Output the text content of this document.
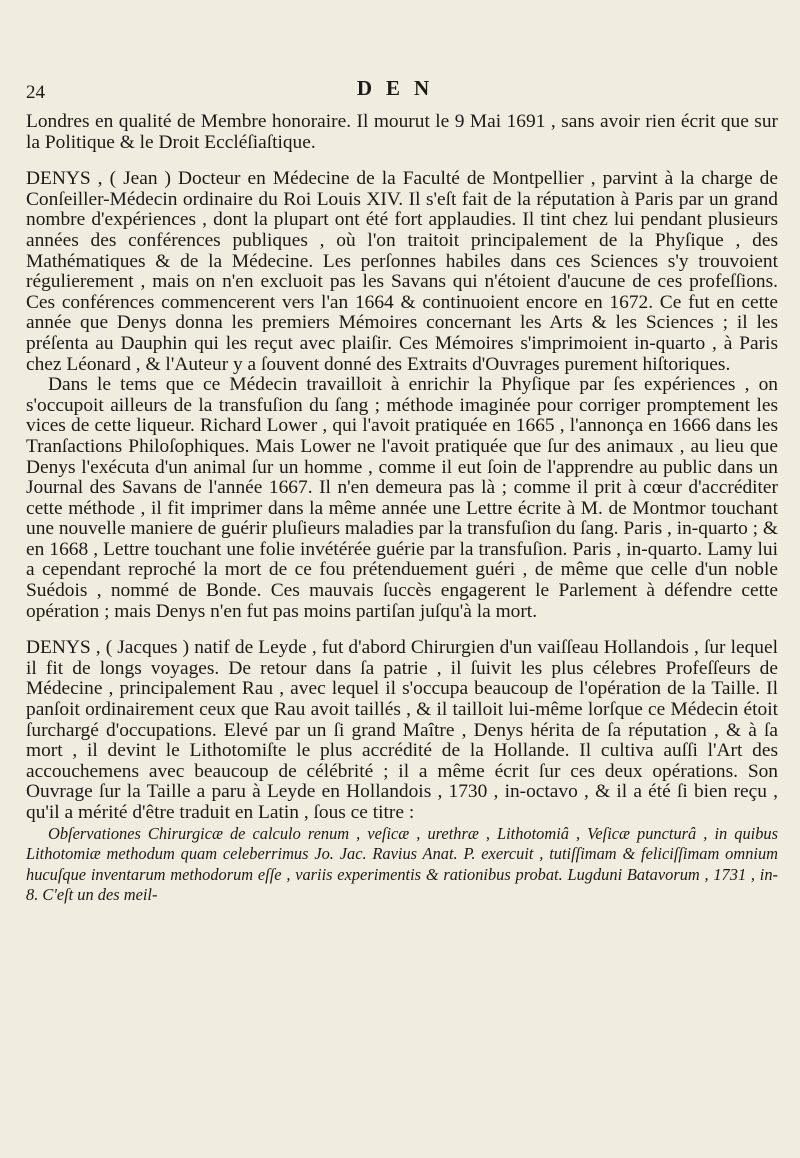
24	DEN

Londres en qualité de Membre honoraire. Il mourut le 9 Mai 1691 , sans avoir rien écrit que sur la Politique & le Droit Eccléſiaſtique.

DENYS , ( Jean ) Docteur en Médecine de la Faculté de Montpellier , parvint à la charge de Conſeiller-Médecin ordinaire du Roi Louis XIV. Il s'eſt fait de la réputation à Paris par un grand nombre d'expériences , dont la plupart ont été fort applaudies. Il tint chez lui pendant plusieurs années des conférences publiques , où l'on traitoit principalement de la Phyſique , des Mathématiques & de la Médecine. Les perſonnes habiles dans ces Sciences s'y trouvoient régulierement , mais on n'en excluoit pas les Savans qui n'étoient d'aucune de ces profeſſions. Ces conférences commencerent vers l'an 1664 & continuoient encore en 1672. Ce fut en cette année que Denys donna les premiers Mémoires concernant les Arts & les Sciences ; il les préſenta au Dauphin qui les reçut avec plaiſir. Ces Mémoires s'imprimoient in-quarto , à Paris chez Léonard , & l'Auteur y a ſouvent donné des Extraits d'Ouvrages purement hiſtoriques.

Dans le tems que ce Médecin travailloit à enrichir la Phyſique par ſes expériences , on s'occupoit ailleurs de la transfuſion du ſang ; méthode imaginée pour corriger promptement les vices de cette liqueur. Richard Lower , qui l'avoit pratiquée en 1665 , l'annonça en 1666 dans les Tranſactions Philoſophiques. Mais Lower ne l'avoit pratiquée que ſur des animaux , au lieu que Denys l'exécuta d'un animal ſur un homme , comme il eut ſoin de l'apprendre au public dans un Journal des Savans de l'année 1667. Il n'en demeura pas là ; comme il prit à cœur d'accréditer cette méthode , il fit imprimer dans la même année une Lettre écrite à M. de Montmor touchant une nouvelle maniere de guérir pluſieurs maladies par la transfuſion du ſang. Paris , in-quarto ; & en 1668 , Lettre touchant une folie invétérée guérie par la transfuſion. Paris , in-quarto. Lamy lui a cependant reproché la mort de ce fou prétenduement guéri , de même que celle d'un noble Suédois , nommé de Bonde. Ces mauvais ſuccès engagerent le Parlement à défendre cette opération ; mais Denys n'en fut pas moins partiſan juſqu'à la mort.

DENYS , ( Jacques ) natif de Leyde , fut d'abord Chirurgien d'un vaiſſeau Hollandois , ſur lequel il fit de longs voyages. De retour dans ſa patrie , il ſuivit les plus célebres Profeſſeurs de Médecine , principalement Rau , avec lequel il s'occupa beaucoup de l'opération de la Taille. Il panſoit ordinairement ceux que Rau avoit taillés , & il tailloit lui-même lorſque ce Médecin étoit ſurchargé d'occupations. Elevé par un ſi grand Maître , Denys hérita de ſa réputation , & à ſa mort , il devint le Lithotomiſte le plus accrédité de la Hollande. Il cultiva auſſi l'Art des accouchemens avec beaucoup de célébrité ; il a même écrit ſur ces deux opérations. Son Ouvrage ſur la Taille a paru à Leyde en Hollandois , 1730 , in-octavo , & il a été ſi bien reçu , qu'il a mérité d'être traduit en Latin , ſous ce titre :

Obſervationes Chirurgicæ de calculo renum , veſicæ , urethræ , Lithotomiâ , Veſicæ puncturâ , in quibus Lithotomiæ methodum quam celeberrimus Jo. Jac. Ravius Anat. P. exercuit , tutiſſimam & feliciſſimam omnium hucuſque inventarum methodorum eſſe , variis experimentis & rationibus probat. Lugduni Batavorum , 1731 , in-8. C'eſt un des meil-
